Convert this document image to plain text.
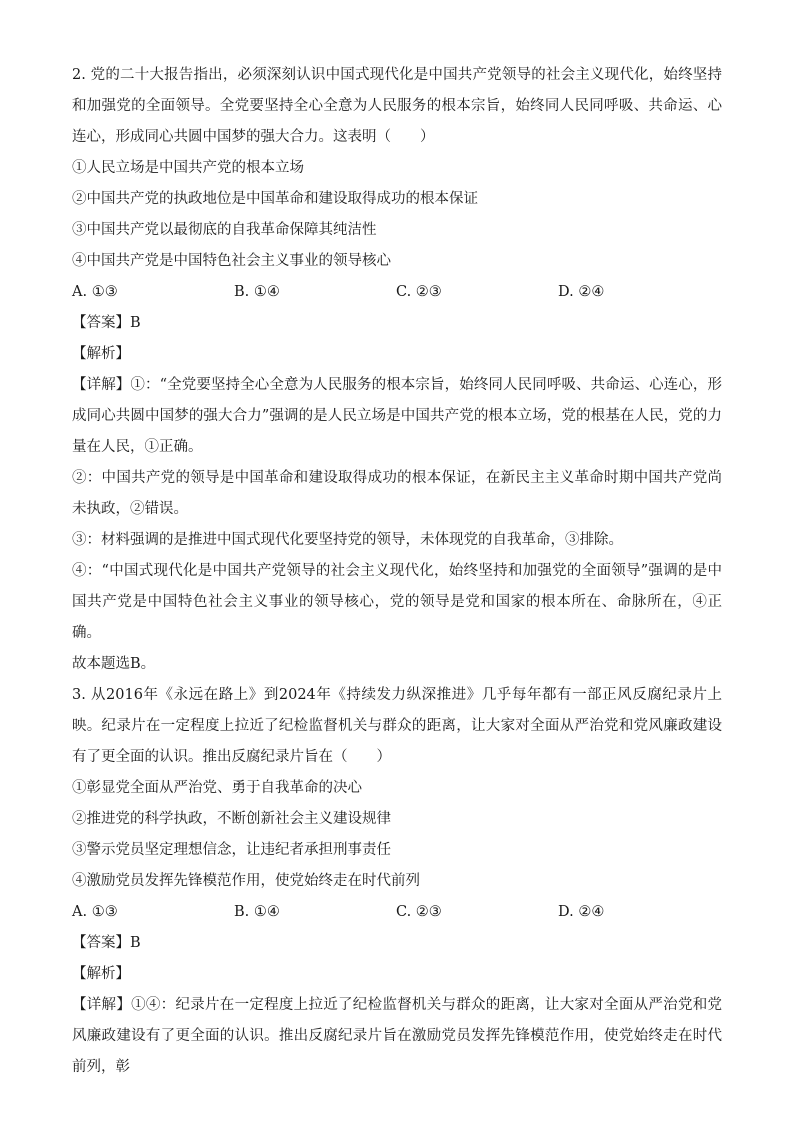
2. 党的二十大报告指出，必须深刻认识中国式现代化是中国共产党领导的社会主义现代化，始终坚持和加强党的全面领导。全党要坚持全心全意为人民服务的根本宗旨，始终同人民同呼吸、共命运、心连心，形成同心共圆中国梦的强大合力。这表明（　　）

①人民立场是中国共产党的根本立场

②中国共产党的执政地位是中国革命和建设取得成功的根本保证

③中国共产党以最彻底的自我革命保障其纯洁性

④中国共产党是中国特色社会主义事业的领导核心

A. ①③	B. ①④	C. ②③	D. ②④

【答案】B

【解析】

【详解】①：“全党要坚持全心全意为人民服务的根本宗旨，始终同人民同呼吸、共命运、心连心，形成同心共圆中国梦的强大合力”强调的是人民立场是中国共产党的根本立场，党的根基在人民，党的力量在人民，①正确。

②：中国共产党的领导是中国革命和建设取得成功的根本保证，在新民主主义革命时期中国共产党尚未执政，②错误。

③：材料强调的是推进中国式现代化要坚持党的领导，未体现党的自我革命，③排除。

④：“中国式现代化是中国共产党领导的社会主义现代化，始终坚持和加强党的全面领导”强调的是中国共产党是中国特色社会主义事业的领导核心，党的领导是党和国家的根本所在、命脉所在，④正确。

故本题选B。

3. 从2016年《永远在路上》到2024年《持续发力纵深推进》几乎每年都有一部正风反腐纪录片上映。纪录片在一定程度上拉近了纪检监督机关与群众的距离，让大家对全面从严治党和党风廉政建设有了更全面的认识。推出反腐纪录片旨在（　　）

①彰显党全面从严治党、勇于自我革命的决心

②推进党的科学执政，不断创新社会主义建设规律

③警示党员坚定理想信念，让违纪者承担刑事责任

④激励党员发挥先锋模范作用，使党始终走在时代前列

A. ①③	B. ①④	C. ②③	D. ②④

【答案】B

【解析】

【详解】①④：纪录片在一定程度上拉近了纪检监督机关与群众的距离，让大家对全面从严治党和党风廉政建设有了更全面的认识。推出反腐纪录片旨在激励党员发挥先锋模范作用，使党始终走在时代前列，彰
